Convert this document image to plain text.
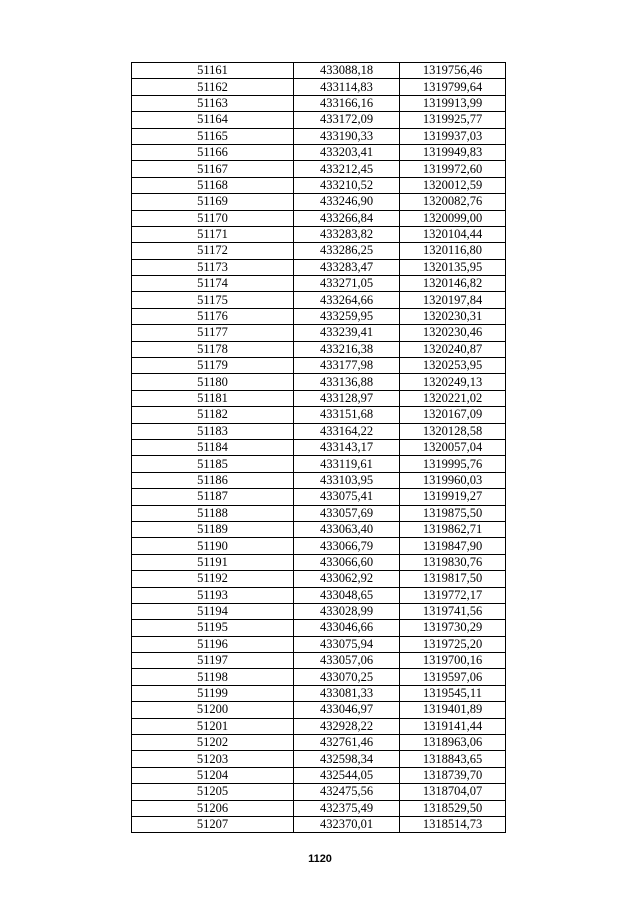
51161	433088,18	1319756,46
51162	433114,83	1319799,64
51163	433166,16	1319913,99
51164	433172,09	1319925,77
51165	433190,33	1319937,03
51166	433203,41	1319949,83
51167	433212,45	1319972,60
51168	433210,52	1320012,59
51169	433246,90	1320082,76
51170	433266,84	1320099,00
51171	433283,82	1320104,44
51172	433286,25	1320116,80
51173	433283,47	1320135,95
51174	433271,05	1320146,82
51175	433264,66	1320197,84
51176	433259,95	1320230,31
51177	433239,41	1320230,46
51178	433216,38	1320240,87
51179	433177,98	1320253,95
51180	433136,88	1320249,13
51181	433128,97	1320221,02
51182	433151,68	1320167,09
51183	433164,22	1320128,58
51184	433143,17	1320057,04
51185	433119,61	1319995,76
51186	433103,95	1319960,03
51187	433075,41	1319919,27
51188	433057,69	1319875,50
51189	433063,40	1319862,71
51190	433066,79	1319847,90
51191	433066,60	1319830,76
51192	433062,92	1319817,50
51193	433048,65	1319772,17
51194	433028,99	1319741,56
51195	433046,66	1319730,29
51196	433075,94	1319725,20
51197	433057,06	1319700,16
51198	433070,25	1319597,06
51199	433081,33	1319545,11
51200	433046,97	1319401,89
51201	432928,22	1319141,44
51202	432761,46	1318963,06
51203	432598,34	1318843,65
51204	432544,05	1318739,70
51205	432475,56	1318704,07
51206	432375,49	1318529,50
51207	432370,01	1318514,73
1120
